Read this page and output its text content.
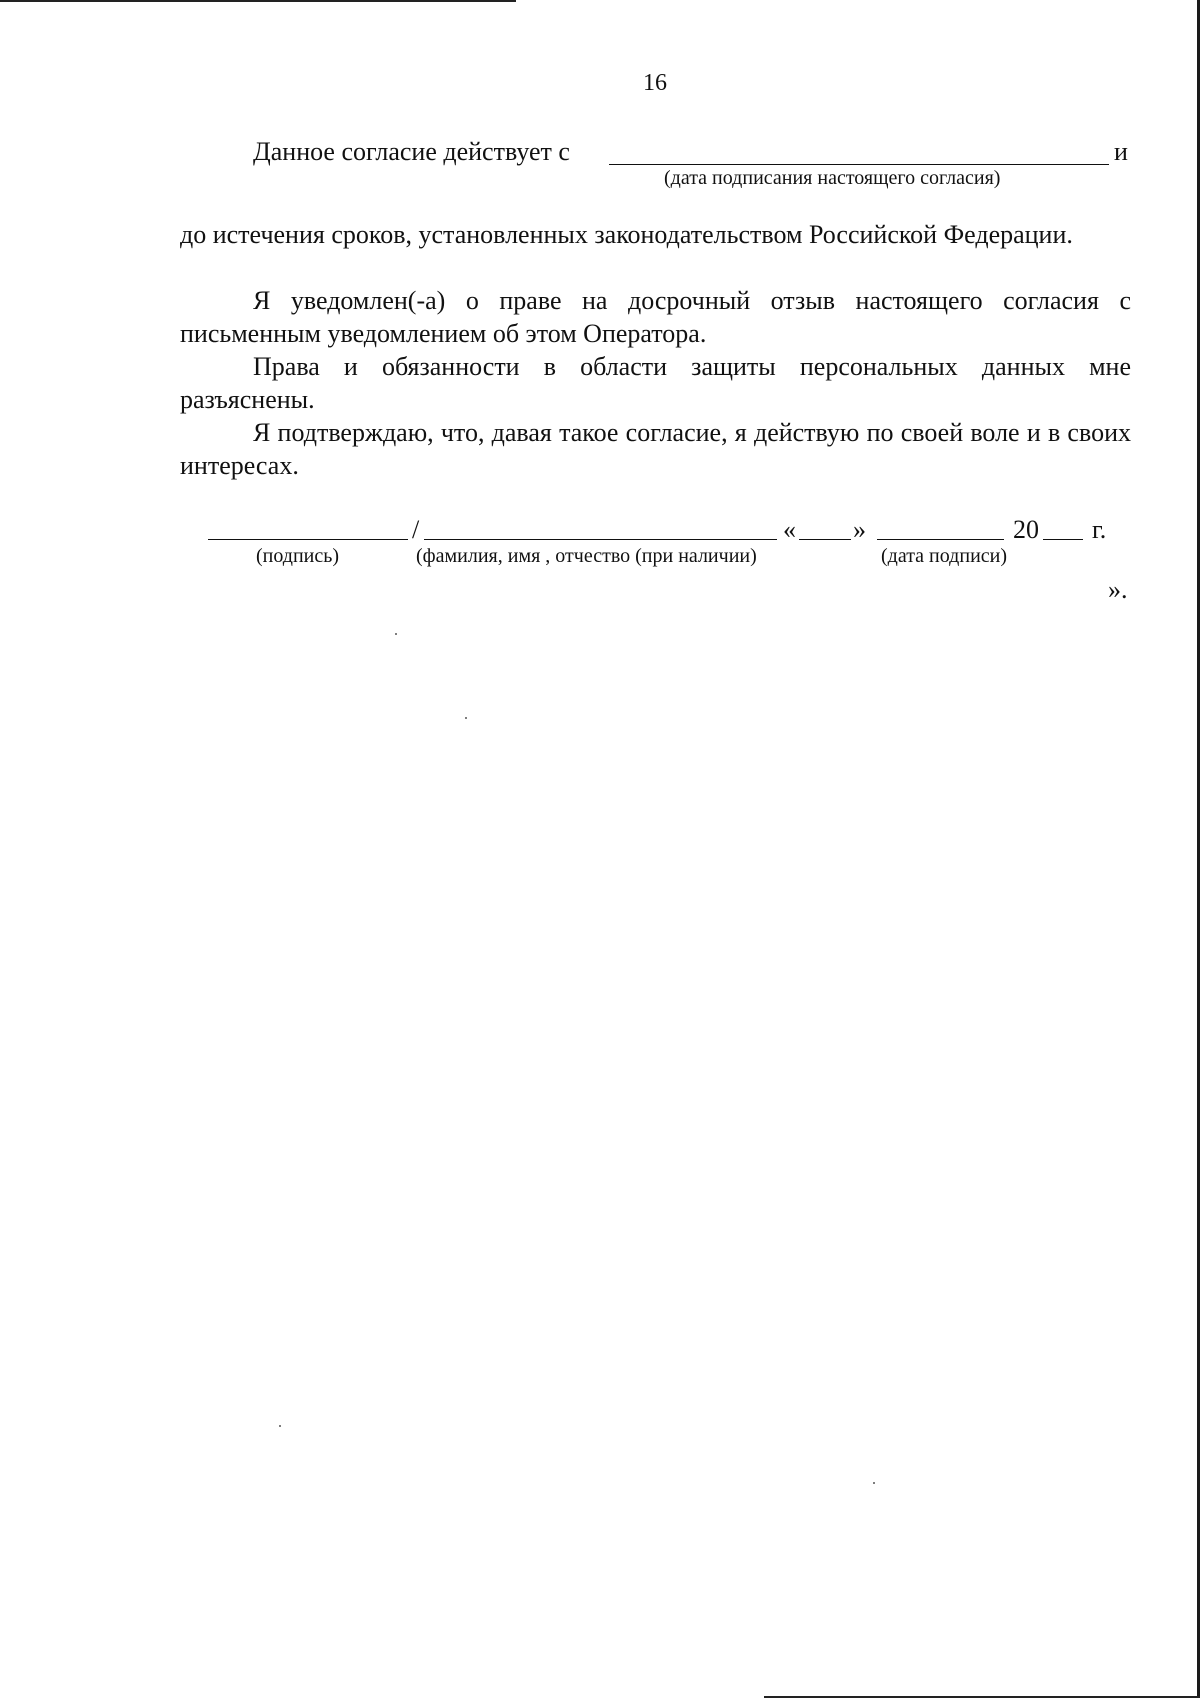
16
Данное согласие действует с	и
(дата подписания настоящего согласия)

до истечения сроков, установленных законодательством Российской Федерации.

Я уведомлен(-а) о праве на досрочный отзыв настоящего согласия с письменным уведомлением об этом Оператора.

Права и обязанности в области защиты персональных данных мне разъяснены.

Я подтверждаю, что, давая такое согласие, я действую по своей воле и в своих интересах.

/	« »	20 г.
(подпись)	(фамилия, имя , отчество (при наличии)	(дата подписи)
».
